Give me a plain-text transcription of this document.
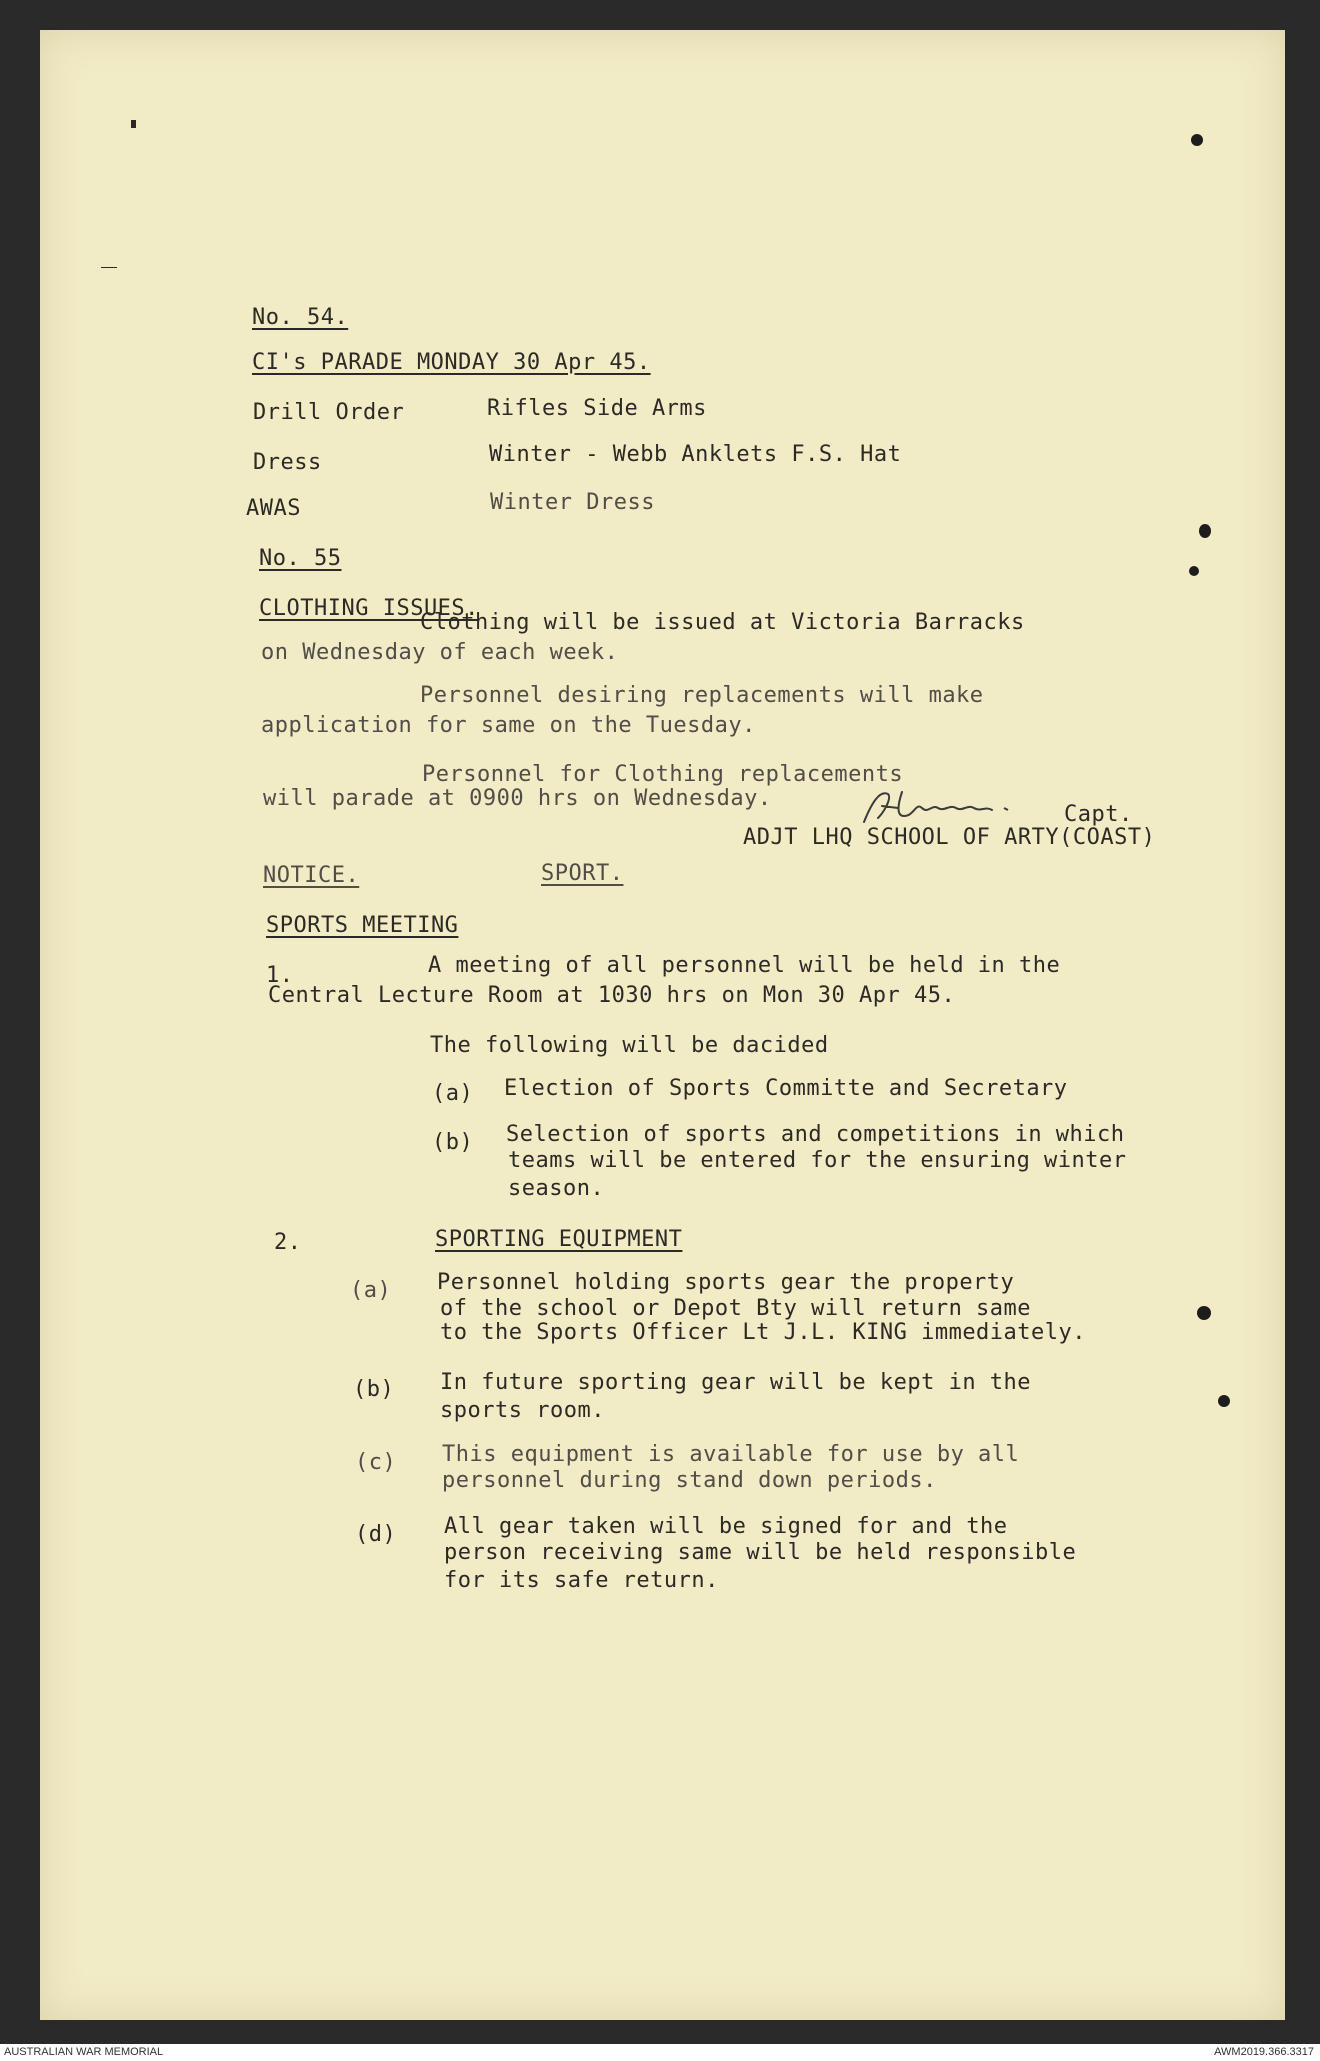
No. 54.
CI's PARADE MONDAY 30 Apr 45.
Drill Order	Rifles Side Arms
Dress	Winter - Webb Anklets F.S. Hat
AWAS	Winter Dress
No. 55
CLOTHING ISSUES.
Clothing will be issued at Victoria Barracks
on Wednesday of each week.
Personnel desiring replacements will make
application for same on the Tuesday.
Personnel for Clothing replacements
will parade at 0900 hrs on Wednesday.
Capt.
ADJT LHQ SCHOOL OF ARTY(COAST)
NOTICE.	SPORT.
SPORTS MEETING
1.	A meeting of all personnel will be held in the
Central Lecture Room at 1030 hrs on Mon 30 Apr 45.
The following will be dacided
(a) Election of Sports Committe and Secretary
(b) Selection of sports and competitions in which
teams will be entered for the ensuring winter
season.
2.	SPORTING EQUIPMENT
(a) Personnel holding sports gear the property
of the school or Depot Bty will return same
to the Sports Officer Lt J.L. KING immediately.
(b) In future sporting gear will be kept in the
sports room.
(c) This equipment is available for use by all
personnel during stand down periods.
(d) All gear taken will be signed for and the
person receiving same will be held responsible
for its safe return.
AUSTRALIAN WAR MEMORIAL	AWM2019.366.3317
